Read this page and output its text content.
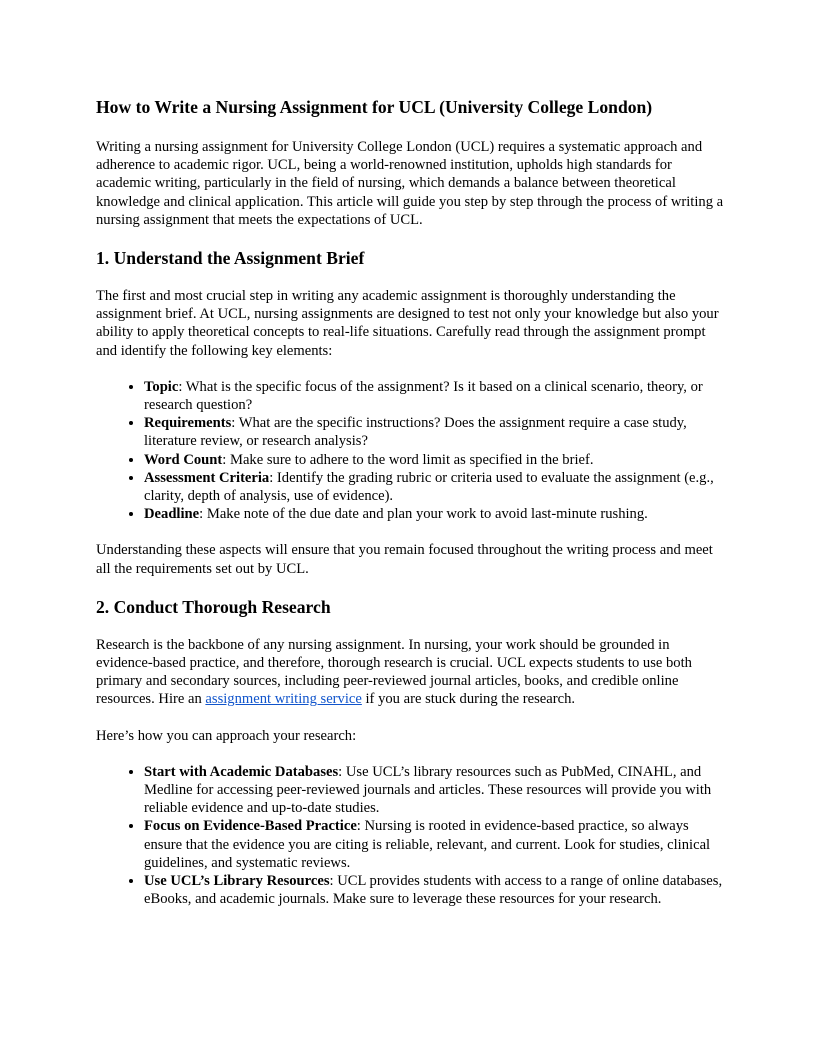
How to Write a Nursing Assignment for UCL (University College London)

Writing a nursing assignment for University College London (UCL) requires a systematic approach and adherence to academic rigor. UCL, being a world-renowned institution, upholds high standards for academic writing, particularly in the field of nursing, which demands a balance between theoretical knowledge and clinical application. This article will guide you step by step through the process of writing a nursing assignment that meets the expectations of UCL.

1. Understand the Assignment Brief

The first and most crucial step in writing any academic assignment is thoroughly understanding the assignment brief. At UCL, nursing assignments are designed to test not only your knowledge but also your ability to apply theoretical concepts to real-life situations. Carefully read through the assignment prompt and identify the following key elements:

• Topic: What is the specific focus of the assignment? Is it based on a clinical scenario, theory, or research question?
• Requirements: What are the specific instructions? Does the assignment require a case study, literature review, or research analysis?
• Word Count: Make sure to adhere to the word limit as specified in the brief.
• Assessment Criteria: Identify the grading rubric or criteria used to evaluate the assignment (e.g., clarity, depth of analysis, use of evidence).
• Deadline: Make note of the due date and plan your work to avoid last-minute rushing.

Understanding these aspects will ensure that you remain focused throughout the writing process and meet all the requirements set out by UCL.

2. Conduct Thorough Research

Research is the backbone of any nursing assignment. In nursing, your work should be grounded in evidence-based practice, and therefore, thorough research is crucial. UCL expects students to use both primary and secondary sources, including peer-reviewed journal articles, books, and credible online resources. Hire an assignment writing service if you are stuck during the research.

Here’s how you can approach your research:

• Start with Academic Databases: Use UCL’s library resources such as PubMed, CINAHL, and Medline for accessing peer-reviewed journals and articles. These resources will provide you with reliable evidence and up-to-date studies.
• Focus on Evidence-Based Practice: Nursing is rooted in evidence-based practice, so always ensure that the evidence you are citing is reliable, relevant, and current. Look for studies, clinical guidelines, and systematic reviews.
• Use UCL’s Library Resources: UCL provides students with access to a range of online databases, eBooks, and academic journals. Make sure to leverage these resources for your research.
